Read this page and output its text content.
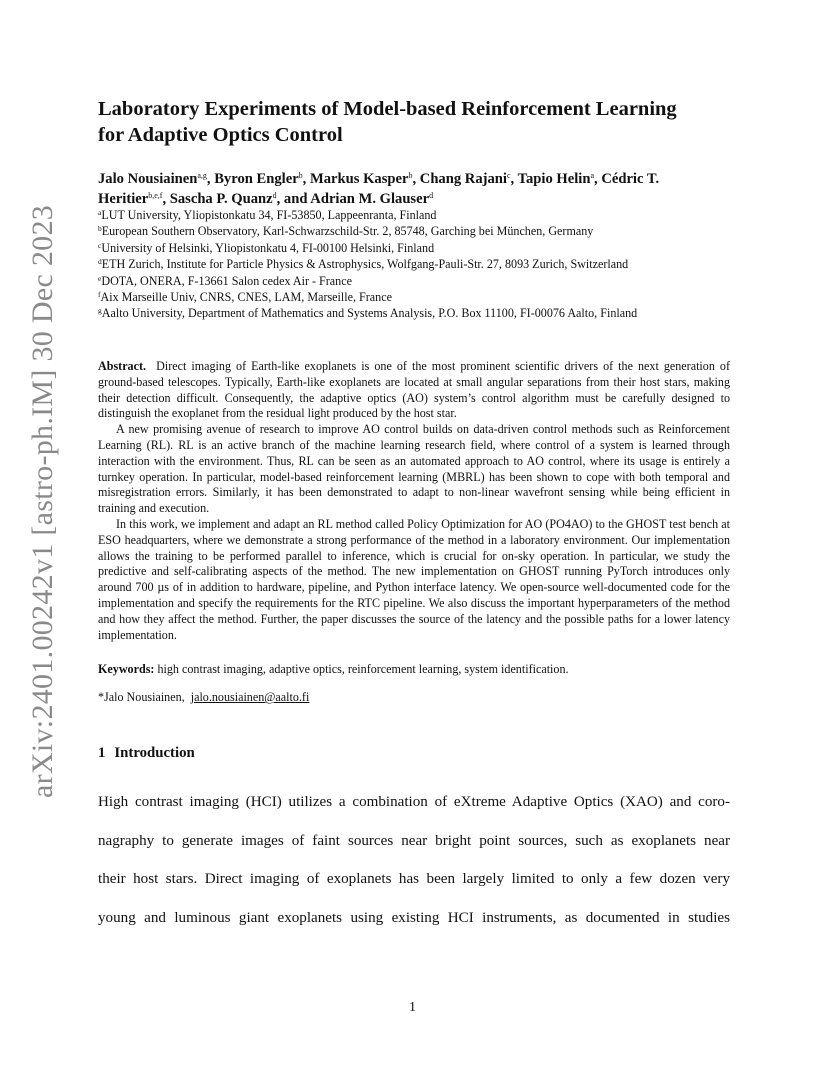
arXiv:2401.00242v1 [astro-ph.IM] 30 Dec 2023
Laboratory Experiments of Model-based Reinforcement Learning
for Adaptive Optics Control
Jalo Nousiainen$^{a,g}$, Byron Engler$^b$, Markus Kasper$^b$, Chang Rajani$^c$, Tapio Helin$^a$, Cédric T.
Heritier$^{b,e,f}$, Sascha P. Quanz$^d$, and Adrian M. Glauser$^d$
$^a$LUT University, Yliopistonkatu 34, FI-53850, Lappeenranta, Finland
$^b$European Southern Observatory, Karl-Schwarzschild-Str. 2, 85748, Garching bei München, Germany
$^c$University of Helsinki, Yliopistonkatu 4, FI-00100 Helsinki, Finland
$^d$ETH Zurich, Institute for Particle Physics & Astrophysics, Wolfgang-Pauli-Str. 27, 8093 Zurich, Switzerland
$^e$DOTA, ONERA, F-13661 Salon cedex Air - France
$^f$Aix Marseille Univ, CNRS, CNES, LAM, Marseille, France
$^g$Aalto University, Department of Mathematics and Systems Analysis, P.O. Box 11100, FI-00076 Aalto, Finland

Abstract. Direct imaging of Earth-like exoplanets is one of the most prominent scientific drivers of the next generation of ground-based telescopes. Typically, Earth-like exoplanets are located at small angular separations from their host stars, making their detection difficult. Consequently, the adaptive optics (AO) system’s control algorithm must be carefully designed to distinguish the exoplanet from the residual light produced by the host star.

A new promising avenue of research to improve AO control builds on data-driven control methods such as Reinforcement Learning (RL). RL is an active branch of the machine learning research field, where control of a system is learned through interaction with the environment. Thus, RL can be seen as an automated approach to AO control, where its usage is entirely a turnkey operation. In particular, model-based reinforcement learning (MBRL) has been shown to cope with both temporal and misregistration errors. Similarly, it has been demonstrated to adapt to non-linear wavefront sensing while being efficient in training and execution.

In this work, we implement and adapt an RL method called Policy Optimization for AO (PO4AO) to the GHOST test bench at ESO headquarters, where we demonstrate a strong performance of the method in a laboratory environment. Our implementation allows the training to be performed parallel to inference, which is crucial for on-sky operation. In particular, we study the predictive and self-calibrating aspects of the method. The new implementation on GHOST running PyTorch introduces only around 700 µs of in addition to hardware, pipeline, and Python interface latency. We open-source well-documented code for the implementation and specify the requirements for the RTC pipeline. We also discuss the important hyperparameters of the method and how they affect the method. Further, the paper discusses the source of the latency and the possible paths for a lower latency implementation.

Keywords: high contrast imaging, adaptive optics, reinforcement learning, system identification.
*Jalo Nousiainen, jalo.nousiainen@aalto.fi
1 Introduction
High contrast imaging (HCI) utilizes a combination of eXtreme Adaptive Optics (XAO) and coro-
nagraphy to generate images of faint sources near bright point sources, such as exoplanets near
their host stars. Direct imaging of exoplanets has been largely limited to only a few dozen very
young and luminous giant exoplanets using existing HCI instruments, as documented in studies
1
